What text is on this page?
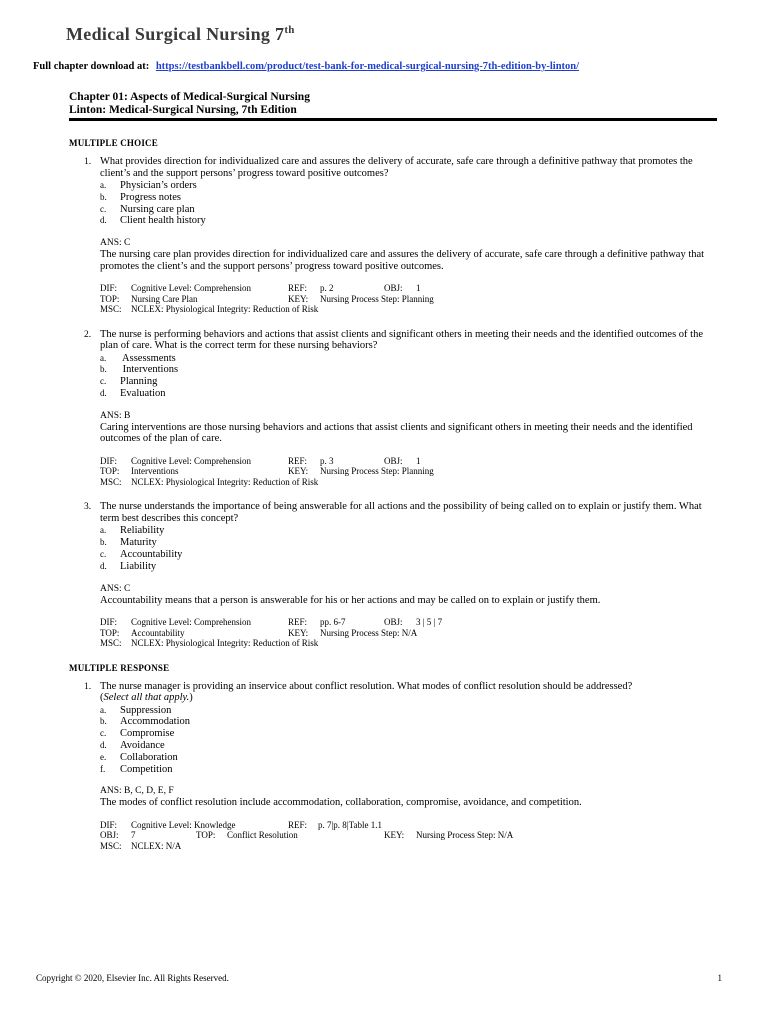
Medical Surgical Nursing 7th
Full chapter download at: https://testbankbell.com/product/test-bank-for-medical-surgical-nursing-7th-edition-by-linton/
Chapter 01: Aspects of Medical-Surgical Nursing
Linton: Medical-Surgical Nursing, 7th Edition
MULTIPLE CHOICE
1. What provides direction for individualized care and assures the delivery of accurate, safe care through a definitive pathway that promotes the client’s and the support persons’ progress toward positive outcomes?
a. Physician’s orders
b. Progress notes
c. Nursing care plan
d. Client health history
ANS: C
The nursing care plan provides direction for individualized care and assures the delivery of accurate, safe care through a definitive pathway that promotes the client’s and the support persons’ progress toward positive outcomes.
DIF: Cognitive Level: Comprehension	REF: p. 2	OBJ: 1
TOP: Nursing Care Plan	KEY: Nursing Process Step: Planning
MSC: NCLEX: Physiological Integrity: Reduction of Risk
2. The nurse is performing behaviors and actions that assist clients and significant others in meeting their needs and the identified outcomes of the plan of care. What is the correct term for these nursing behaviors?
a. Assessments
b. Interventions
c. Planning
d. Evaluation
ANS: B
Caring interventions are those nursing behaviors and actions that assist clients and significant others in meeting their needs and the identified outcomes of the plan of care.
DIF: Cognitive Level: Comprehension	REF: p. 3	OBJ: 1
TOP: Interventions	KEY: Nursing Process Step: Planning
MSC: NCLEX: Physiological Integrity: Reduction of Risk
3. The nurse understands the importance of being answerable for all actions and the possibility of being called on to explain or justify them. What term best describes this concept?
a. Reliability
b. Maturity
c. Accountability
d. Liability
ANS: C
Accountability means that a person is answerable for his or her actions and may be called on to explain or justify them.
DIF: Cognitive Level: Comprehension	REF: pp. 6-7	OBJ: 3 | 5 | 7
TOP: Accountability	KEY: Nursing Process Step: N/A
MSC: NCLEX: Physiological Integrity: Reduction of Risk
MULTIPLE RESPONSE
1. The nurse manager is providing an inservice about conflict resolution. What modes of conflict resolution should be addressed?
(Select all that apply.)
a. Suppression
b. Accommodation
c. Compromise
d. Avoidance
e. Collaboration
f. Competition
ANS: B, C, D, E, F
The modes of conflict resolution include accommodation, collaboration, compromise, avoidance, and competition.
DIF: Cognitive Level: Knowledge	REF: p. 7|p. 8|Table 1.1
OBJ: 7	TOP: Conflict Resolution	KEY: Nursing Process Step: N/A
MSC: NCLEX: N/A
Copyright © 2020, Elsevier Inc. All Rights Reserved.	1
